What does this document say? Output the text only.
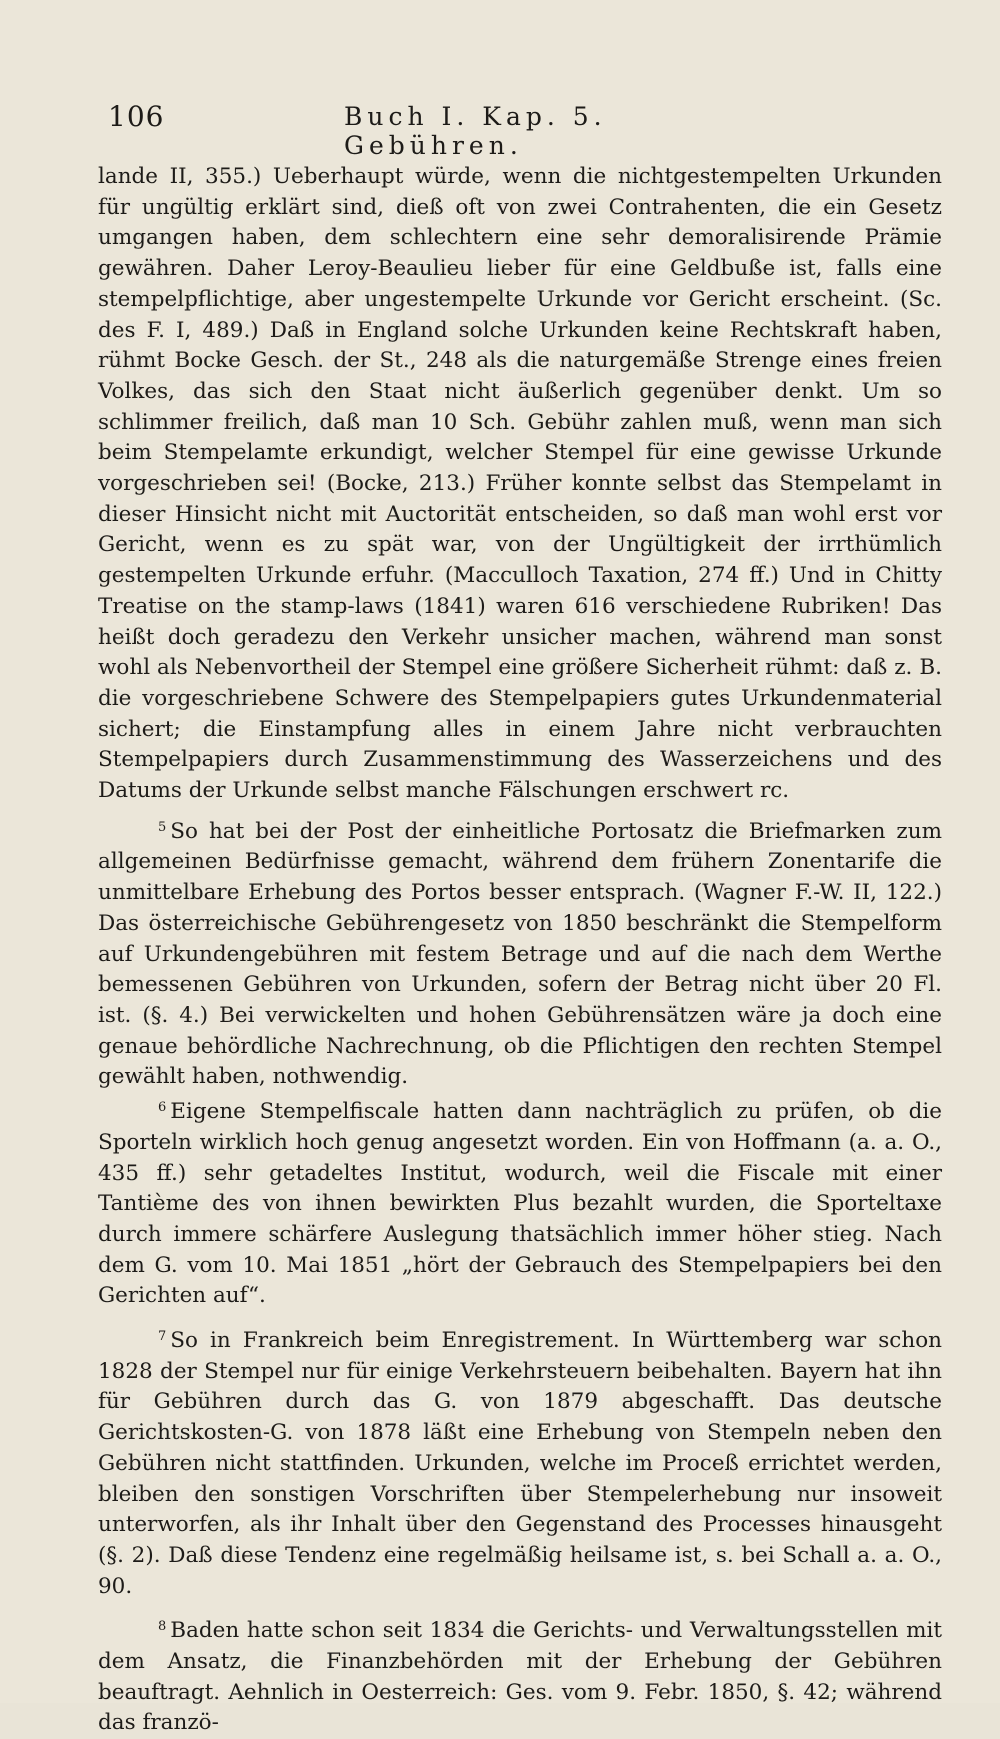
106	Buch I. Kap. 5. Gebühren.

lande II, 355.) Ueberhaupt würde, wenn die nichtgestempelten Urkunden für ungültig erklärt sind, dieß oft von zwei Contrahenten, die ein Gesetz umgangen haben, dem schlechtern eine sehr demoralisirende Prämie gewähren. Daher Leroy-Beaulieu lieber für eine Geldbuße ist, falls eine stempelpflichtige, aber ungestempelte Urkunde vor Gericht erscheint. (Sc. des F. I, 489.) Daß in England solche Urkunden keine Rechtskraft haben, rühmt Bocke Gesch. der St., 248 als die naturgemäße Strenge eines freien Volkes, das sich den Staat nicht äußerlich gegenüber denkt. Um so schlimmer freilich, daß man 10 Sch. Gebühr zahlen muß, wenn man sich beim Stempelamte erkundigt, welcher Stempel für eine gewisse Urkunde vorgeschrieben sei! (Bocke, 213.) Früher konnte selbst das Stempelamt in dieser Hinsicht nicht mit Auctorität entscheiden, so daß man wohl erst vor Gericht, wenn es zu spät war, von der Ungültigkeit der irrthümlich gestempelten Urkunde erfuhr. (Macculloch Taxation, 274 ff.) Und in Chitty Treatise on the stamp-laws (1841) waren 616 verschiedene Rubriken! Das heißt doch geradezu den Verkehr unsicher machen, während man sonst wohl als Nebenvortheil der Stempel eine größere Sicherheit rühmt: daß z. B. die vorgeschriebene Schwere des Stempelpapiers gutes Urkundenmaterial sichert; die Einstampfung alles in einem Jahre nicht verbrauchten Stempelpapiers durch Zusammenstimmung des Wasserzeichens und des Datums der Urkunde selbst manche Fälschungen erschwert rc.

$^5$ So hat bei der Post der einheitliche Portosatz die Briefmarken zum allgemeinen Bedürfnisse gemacht, während dem frühern Zonentarife die unmittelbare Erhebung des Portos besser entsprach. (Wagner F.-W. II, 122.) Das österreichische Gebührengesetz von 1850 beschränkt die Stempelform auf Urkundengebühren mit festem Betrage und auf die nach dem Werthe bemessenen Gebühren von Urkunden, sofern der Betrag nicht über 20 Fl. ist. (§. 4.) Bei verwickelten und hohen Gebührensätzen wäre ja doch eine genaue behördliche Nachrechnung, ob die Pflichtigen den rechten Stempel gewählt haben, nothwendig.

$^6$ Eigene Stempelfiscale hatten dann nachträglich zu prüfen, ob die Sporteln wirklich hoch genug angesetzt worden. Ein von Hoffmann (a. a. O., 435 ff.) sehr getadeltes Institut, wodurch, weil die Fiscale mit einer Tantième des von ihnen bewirkten Plus bezahlt wurden, die Sporteltaxe durch immere schärfere Auslegung thatsächlich immer höher stieg. Nach dem G. vom 10. Mai 1851 „hört der Gebrauch des Stempelpapiers bei den Gerichten auf“.

$^7$ So in Frankreich beim Enregistrement. In Württemberg war schon 1828 der Stempel nur für einige Verkehrsteuern beibehalten. Bayern hat ihn für Gebühren durch das G. von 1879 abgeschafft. Das deutsche Gerichtskosten-G. von 1878 läßt eine Erhebung von Stempeln neben den Gebühren nicht stattfinden. Urkunden, welche im Proceß errichtet werden, bleiben den sonstigen Vorschriften über Stempelerhebung nur insoweit unterworfen, als ihr Inhalt über den Gegenstand des Processes hinausgeht (§. 2). Daß diese Tendenz eine regelmäßig heilsame ist, s. bei Schall a. a. O., 90.

$^8$ Baden hatte schon seit 1834 die Gerichts- und Verwaltungsstellen mit dem Ansatz, die Finanzbehörden mit der Erhebung der Gebühren beauftragt. Aehnlich in Oesterreich: Ges. vom 9. Febr. 1850, §. 42; während das franzö-
